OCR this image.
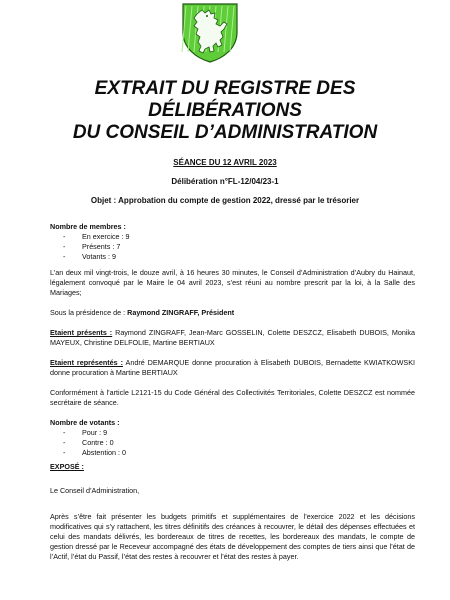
EXTRAIT DU REGISTRE DES DÉLIBÉRATIONS
DU CONSEIL D’ADMINISTRATION
SÉANCE DU 12 AVRIL 2023
Délibération n°FL-12/04/23-1
Objet : Approbation du compte de gestion 2022, dressé par le trésorier
Nombre de membres :
- En exercice : 9
- Présents : 7
- Votants : 9
L’an deux mil vingt-trois, le douze avril, à 16 heures 30 minutes, le Conseil d’Administration d’Aubry du Hainaut, légalement convoqué par le Maire le 04 avril 2023, s’est réuni au nombre prescrit par la loi, à la Salle des Mariages;
Sous la présidence de : Raymond ZINGRAFF, Président
Etaient présents : Raymond ZINGRAFF, Jean-Marc GOSSELIN, Colette DESZCZ, Elisabeth DUBOIS, Monika MAYEUX, Christine DELFOLIE, Martine BERTIAUX
Etaient représentés : André DEMARQUE donne procuration à Elisabeth DUBOIS, Bernadette KWIATKOWSKI donne procuration à Martine BERTIAUX
Conformément à l’article L2121-15 du Code Général des Collectivités Territoriales, Colette DESZCZ est nommée secrétaire de séance.
Nombre de votants :
- Pour : 9
- Contre : 0
- Abstention : 0
EXPOSÉ :
Le Conseil d’Administration,
Après s’être fait présenter les budgets primitifs et supplémentaires de l’exercice 2022 et les décisions modificatives qui s’y rattachent, les titres définitifs des créances à recouvrer, le détail des dépenses effectuées et celui des mandats délivrés, les bordereaux de titres de recettes, les bordereaux des mandats, le compte de gestion dressé par le Receveur accompagné des états de développement des comptes de tiers ainsi que l’état de l’Actif, l’état du Passif, l’état des restes à recouvrer et l’état des restes à payer.
